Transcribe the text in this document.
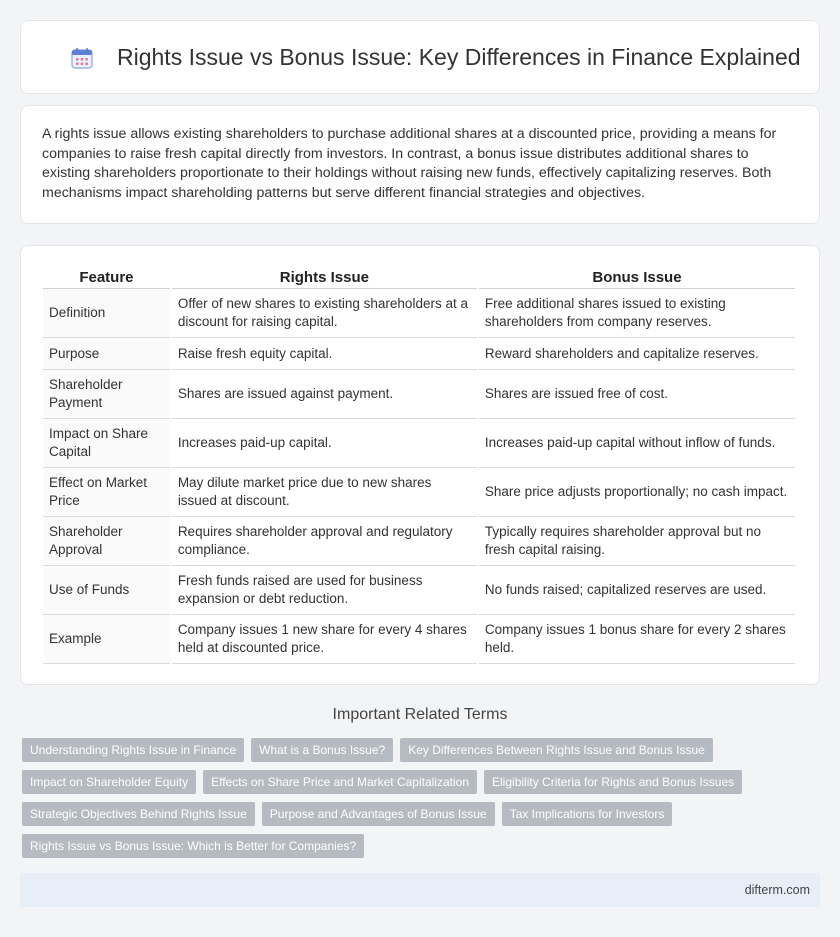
Rights Issue vs Bonus Issue: Key Differences in Finance Explained

A rights issue allows existing shareholders to purchase additional shares at a discounted price, providing a means for companies to raise fresh capital directly from investors. In contrast, a bonus issue distributes additional shares to existing shareholders proportionate to their holdings without raising new funds, effectively capitalizing reserves. Both mechanisms impact shareholding patterns but serve different financial strategies and objectives.

Feature	Rights Issue	Bonus Issue
Definition	Offer of new shares to existing shareholders at a discount for raising capital.	Free additional shares issued to existing shareholders from company reserves.
Purpose	Raise fresh equity capital.	Reward shareholders and capitalize reserves.
Shareholder Payment	Shares are issued against payment.	Shares are issued free of cost.
Impact on Share Capital	Increases paid-up capital.	Increases paid-up capital without inflow of funds.
Effect on Market Price	May dilute market price due to new shares issued at discount.	Share price adjusts proportionally; no cash impact.
Shareholder Approval	Requires shareholder approval and regulatory compliance.	Typically requires shareholder approval but no fresh capital raising.
Use of Funds	Fresh funds raised are used for business expansion or debt reduction.	No funds raised; capitalized reserves are used.
Example	Company issues 1 new share for every 4 shares held at discounted price.	Company issues 1 bonus share for every 2 shares held.
Important Related Terms
Understanding Rights Issue in Finance	What is a Bonus Issue?	Key Differences Between Rights Issue and Bonus Issue
Impact on Shareholder Equity	Effects on Share Price and Market Capitalization	Eligibility Criteria for Rights and Bonus Issues
Strategic Objectives Behind Rights Issue	Purpose and Advantages of Bonus Issue	Tax Implications for Investors
Rights Issue vs Bonus Issue: Which is Better for Companies?
difterm.com
